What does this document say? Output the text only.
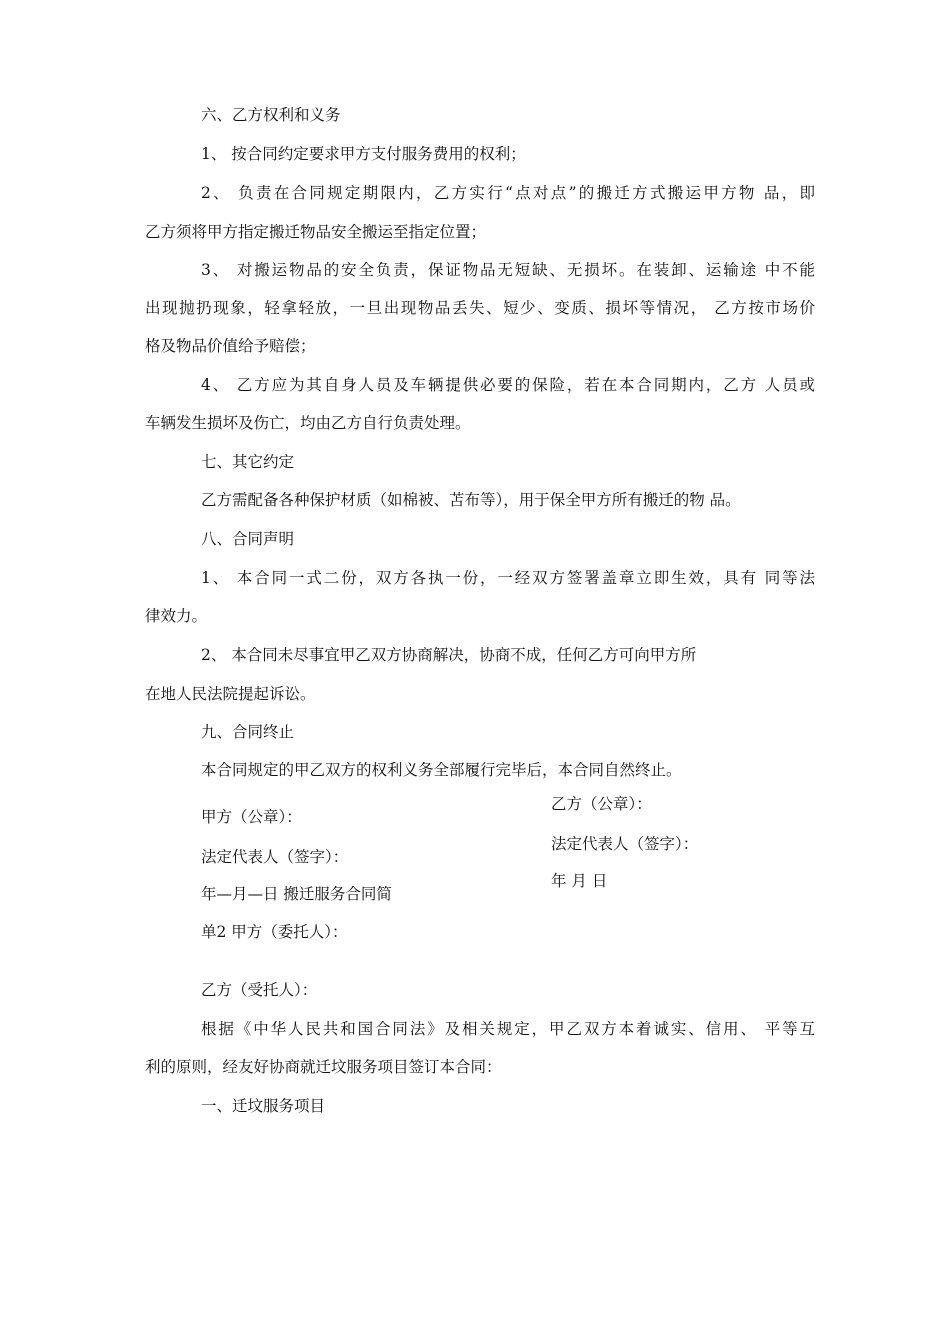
六、乙方权利和义务

1、 按合同约定要求甲方支付服务费用的权利；

2、 负责在合同规定期限内，乙方实行“点对点”的搬迁方式搬运甲方物 品，即

乙方须将甲方指定搬迁物品安全搬运至指定位置；

3、 对搬运物品的安全负责，保证物品无短缺、无损坏。在装卸、运输途 中不能

出现抛扔现象，轻拿轻放，一旦出现物品丢失、短少、变质、损坏等情况， 乙方按市场价

格及物品价值给予赔偿；

4、 乙方应为其自身人员及车辆提供必要的保险，若在本合同期内，乙方 人员或

车辆发生损坏及伤亡，均由乙方自行负责处理。

七、其它约定

乙方需配备各种保护材质（如棉被、苫布等），用于保全甲方所有搬迁的物 品。

八、合同声明

1、 本合同一式二份，双方各执一份，一经双方签署盖章立即生效，具有 同等法

律效力。

2、 本合同未尽事宜甲乙双方协商解决，协商不成，任何乙方可向甲方所

在地人民法院提起诉讼。

九、合同终止

本合同规定的甲乙双方的权利义务全部履行完毕后，本合同自然终止。

甲方（公章）：

法定代表人（签字）：

年—月—日 搬迁服务合同简

单2 甲方（委托人）：

乙方（公章）：

法定代表人（签字）：

年 月 日

乙方（受托人）：

根据《中华人民共和国合同法》及相关规定，甲乙双方本着诚实、信用、 平等互

利的原则，经友好协商就迁坟服务项目签订本合同：

一、迁坟服务项目
